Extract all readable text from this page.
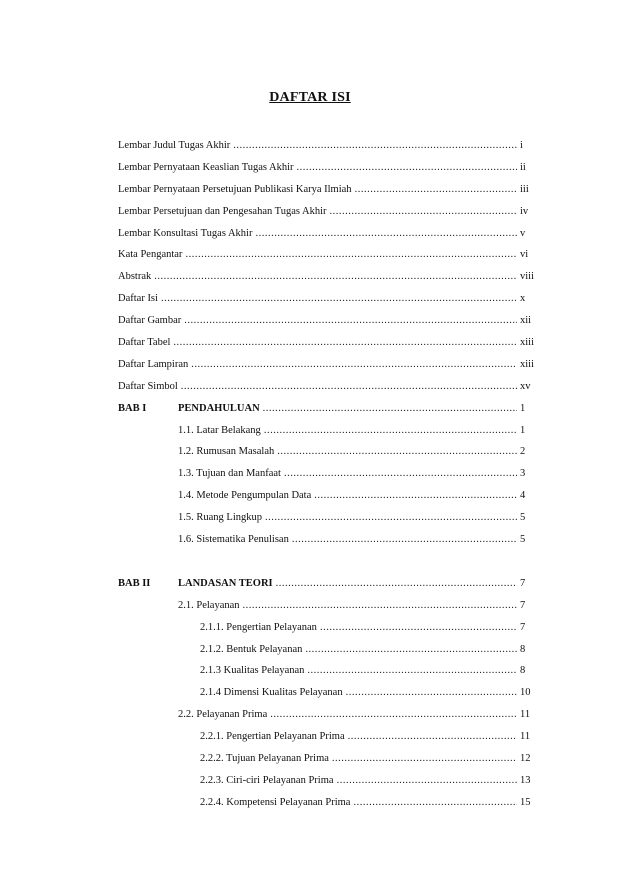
DAFTAR ISI
Lembar Judul Tugas Akhir .....	i
Lembar Pernyataan Keaslian Tugas Akhir .....	ii
Lembar Pernyataan Persetujuan Publikasi Karya Ilmiah .....	iii
Lembar Persetujuan dan Pengesahan Tugas Akhir .....	iv
Lembar Konsultasi Tugas Akhir .....	v
Kata Pengantar .....	vi
Abstrak .....	viii
Daftar Isi .....	x
Daftar Gambar .....	xii
Daftar Tabel .....	xiii
Daftar Lampiran .....	xiii
Daftar Simbol .....	xv
BAB I	PENDAHULUAN .....	1
1.1. Latar Belakang .....	1
1.2. Rumusan Masalah .....	2
1.3. Tujuan dan Manfaat .....	3
1.4. Metode Pengumpulan Data .....	4
1.5. Ruang Lingkup .....	5
1.6. Sistematika Penulisan .....	5
BAB II	LANDASAN TEORI .....	7
2.1. Pelayanan .....	7
2.1.1. Pengertian Pelayanan .....	7
2.1.2. Bentuk Pelayanan .....	8
2.1.3 Kualitas Pelayanan .....	8
2.1.4 Dimensi Kualitas Pelayanan .....	10
2.2. Pelayanan Prima .....	11
2.2.1. Pengertian Pelayanan Prima .....	11
2.2.2. Tujuan Pelayanan Prima .....	12
2.2.3. Ciri-ciri Pelayanan Prima .....	13
2.2.4. Kompetensi Pelayanan Prima .....	15
